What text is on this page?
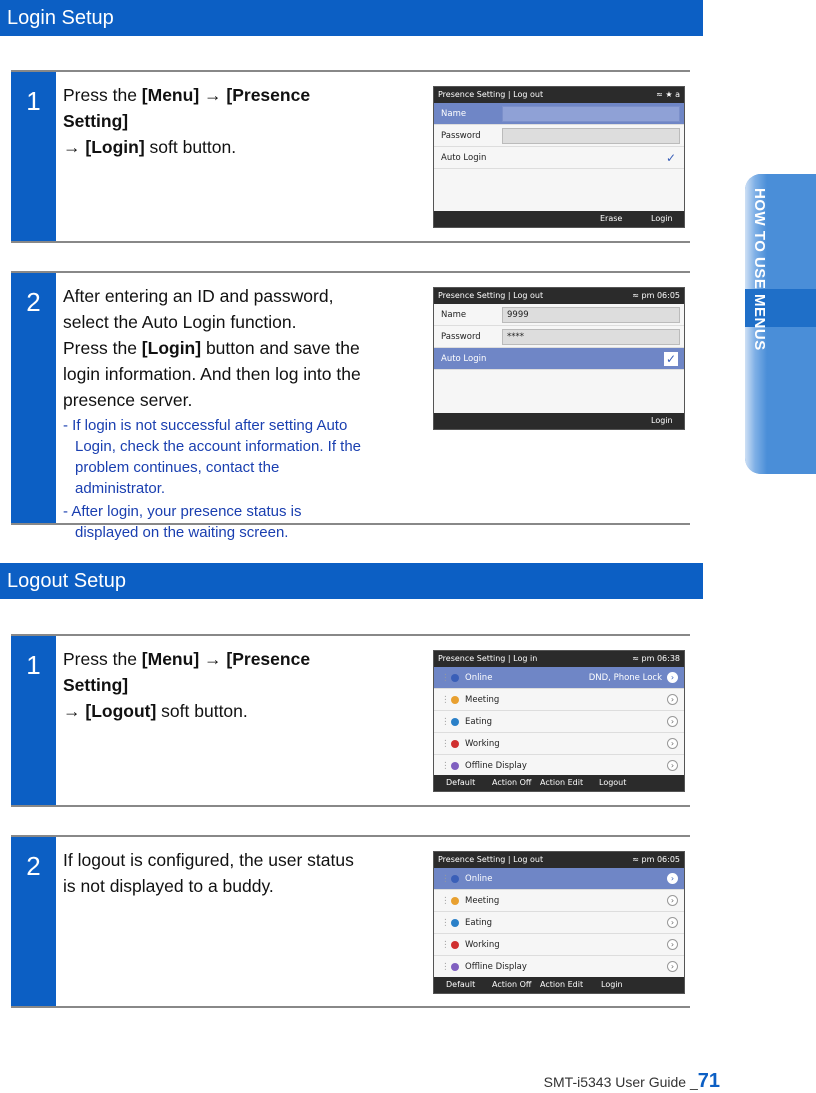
Login Setup
1	Press the [Menu] → [Presence Setting]
→ [Login] soft button.
Presence Setting | Log out	≈ ★ a
Name
Password
Auto Login	✓
Erase	Login
2	After entering an ID and password, select the Auto Login function.
Press the [Login] button and save the login information. And then log into the presence server.
- If login is not successful after setting Auto Login, check the account information. If the problem continues, contact the administrator.
- After login, your presence status is displayed on the waiting screen.
Presence Setting | Log out	≈ pm 06:05
Name	9999
Password	****
Auto Login	✓
Login
Logout Setup
1	Press the [Menu] → [Presence Setting]
→ [Logout] soft button.
Presence Setting | Log in	≈ pm 06:38
⋮ Online	DND, Phone Lock	›
⋮ Meeting	›
⋮ Eating	›
⋮ Working	›
⋮ Offline Display	›
Default Action Off Action Edit Logout
2	If logout is configured, the user status is not displayed to a buddy.
Presence Setting | Log out	≈ pm 06:05
⋮ Online	›
⋮ Meeting	›
⋮ Eating	›
⋮ Working	›
⋮ Offline Display	›
Default Action Off Action Edit Login
HOW TO USE MENUS
SMT-i5343 User Guide _71
